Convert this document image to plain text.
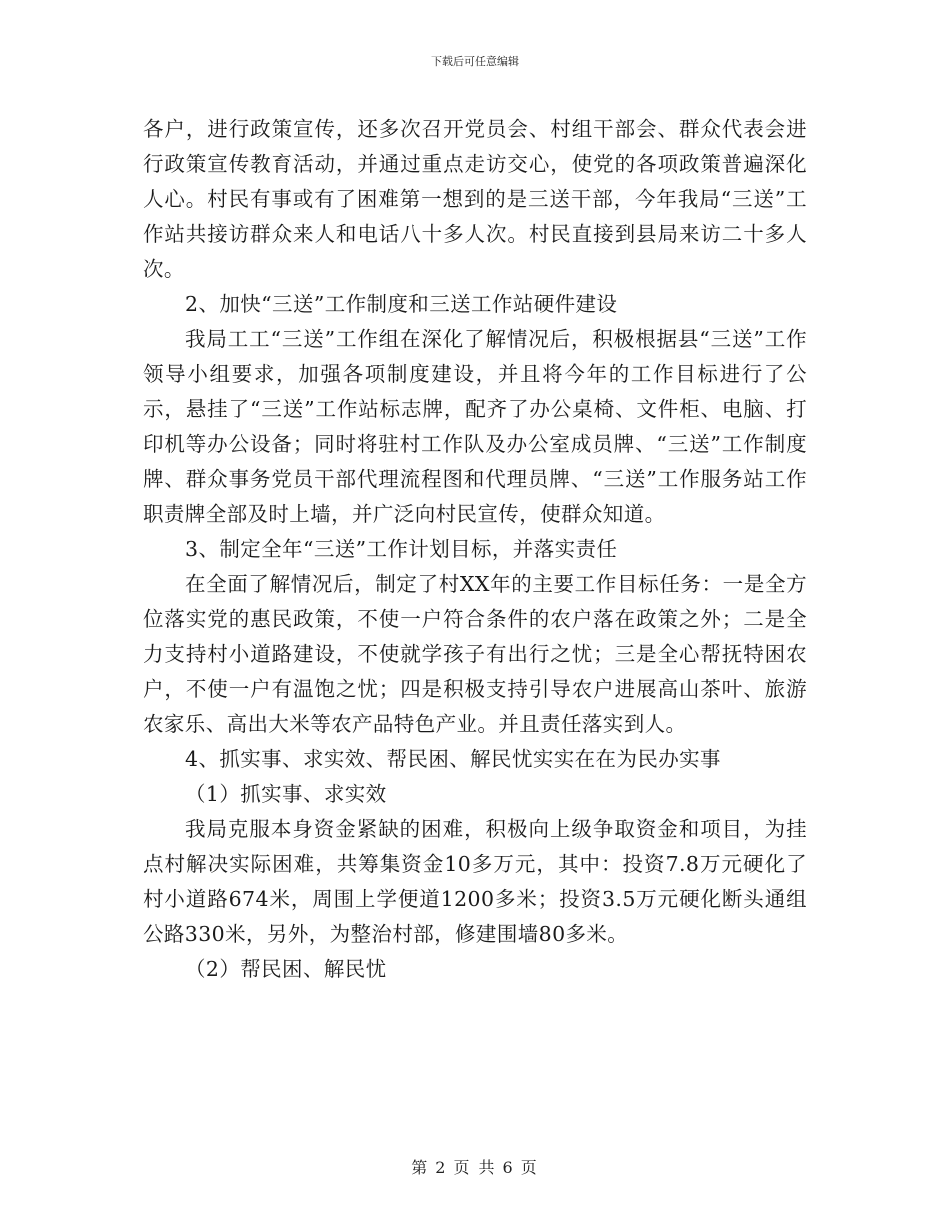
下载后可任意编辑

各户，进行政策宣传，还多次召开党员会、村组干部会、群众代表会进行政策宣传教育活动，并通过重点走访交心，使党的各项政策普遍深化人心。村民有事或有了困难第一想到的是三送干部，今年我局“三送”工作站共接访群众来人和电话八十多人次。村民直接到县局来访二十多人次。

2、加快“三送”工作制度和三送工作站硬件建设

我局工工“三送”工作组在深化了解情况后，积极根据县“三送”工作领导小组要求，加强各项制度建设，并且将今年的工作目标进行了公示，悬挂了“三送”工作站标志牌，配齐了办公桌椅、文件柜、电脑、打印机等办公设备；同时将驻村工作队及办公室成员牌、“三送”工作制度牌、群众事务党员干部代理流程图和代理员牌、“三送”工作服务站工作职责牌全部及时上墙，并广泛向村民宣传，使群众知道。

3、制定全年“三送”工作计划目标，并落实责任

在全面了解情况后，制定了村XX年的主要工作目标任务：一是全方位落实党的惠民政策，不使一户符合条件的农户落在政策之外；二是全力支持村小道路建设，不使就学孩子有出行之忧；三是全心帮抚特困农户，不使一户有温饱之忧；四是积极支持引导农户进展高山茶叶、旅游农家乐、高出大米等农产品特色产业。并且责任落实到人。

4、抓实事、求实效、帮民困、解民忧实实在在为民办实事

（1）抓实事、求实效

我局克服本身资金紧缺的困难，积极向上级争取资金和项目，为挂点村解决实际困难，共筹集资金10多万元，其中：投资7.8万元硬化了村小道路674米，周围上学便道1200多米；投资3.5万元硬化断头通组公路330米，另外，为整治村部，修建围墙80多米。

（2）帮民困、解民忧

第 2 页 共 6 页
